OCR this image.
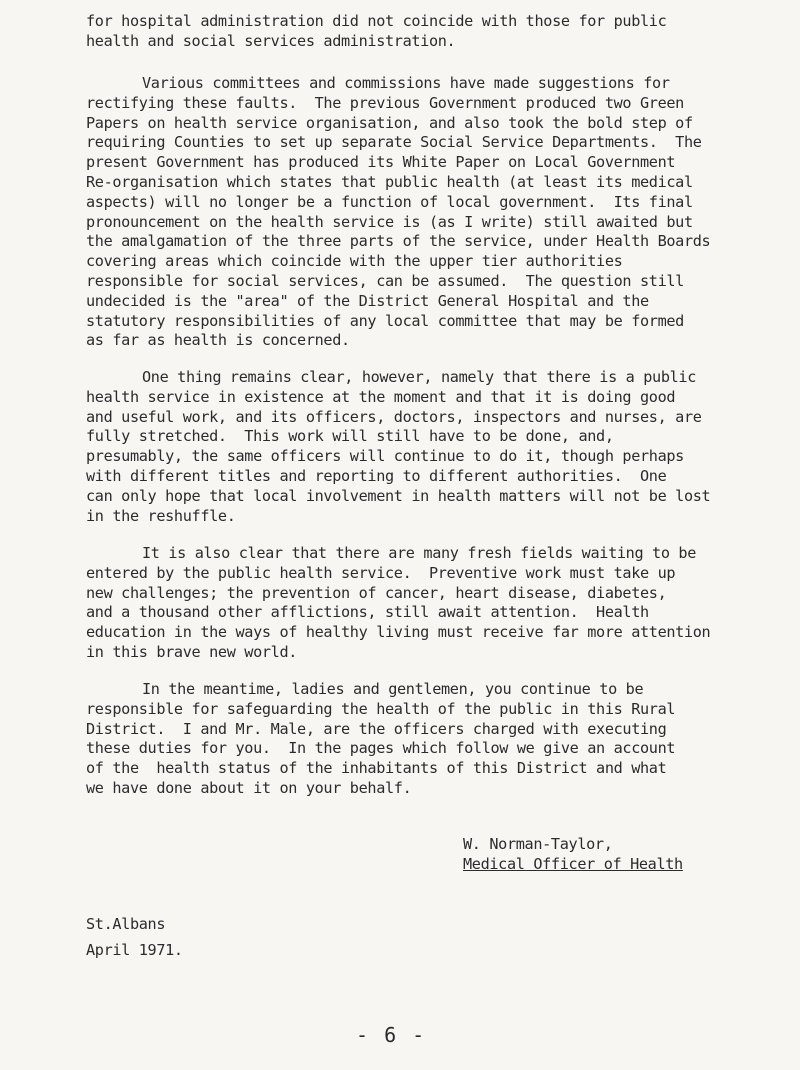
for hospital administration did not coincide with those for public
health and social services administration.

Various committees and commissions have made suggestions for
rectifying these faults.  The previous Government produced two Green
Papers on health service organisation, and also took the bold step of
requiring Counties to set up separate Social Service Departments.  The
present Government has produced its White Paper on Local Government
Re-organisation which states that public health (at least its medical
aspects) will no longer be a function of local government.  Its final
pronouncement on the health service is (as I write) still awaited but
the amalgamation of the three parts of the service, under Health Boards
covering areas which coincide with the upper tier authorities
responsible for social services, can be assumed.  The question still
undecided is the "area" of the District General Hospital and the
statutory responsibilities of any local committee that may be formed
as far as health is concerned.

One thing remains clear, however, namely that there is a public
health service in existence at the moment and that it is doing good
and useful work, and its officers, doctors, inspectors and nurses, are
fully stretched.  This work will still have to be done, and,
presumably, the same officers will continue to do it, though perhaps
with different titles and reporting to different authorities.  One
can only hope that local involvement in health matters will not be lost
in the reshuffle.

It is also clear that there are many fresh fields waiting to be
entered by the public health service.  Preventive work must take up
new challenges; the prevention of cancer, heart disease, diabetes,
and a thousand other afflictions, still await attention.  Health
education in the ways of healthy living must receive far more attention
in this brave new world.

In the meantime, ladies and gentlemen, you continue to be
responsible for safeguarding the health of the public in this Rural
District.  I and Mr. Male, are the officers charged with executing
these duties for you.  In the pages which follow we give an account
of the  health status of the inhabitants of this District and what
we have done about it on your behalf.

W. Norman-Taylor,
Medical Officer of Health
St.Albans
April 1971.
- 6 -
